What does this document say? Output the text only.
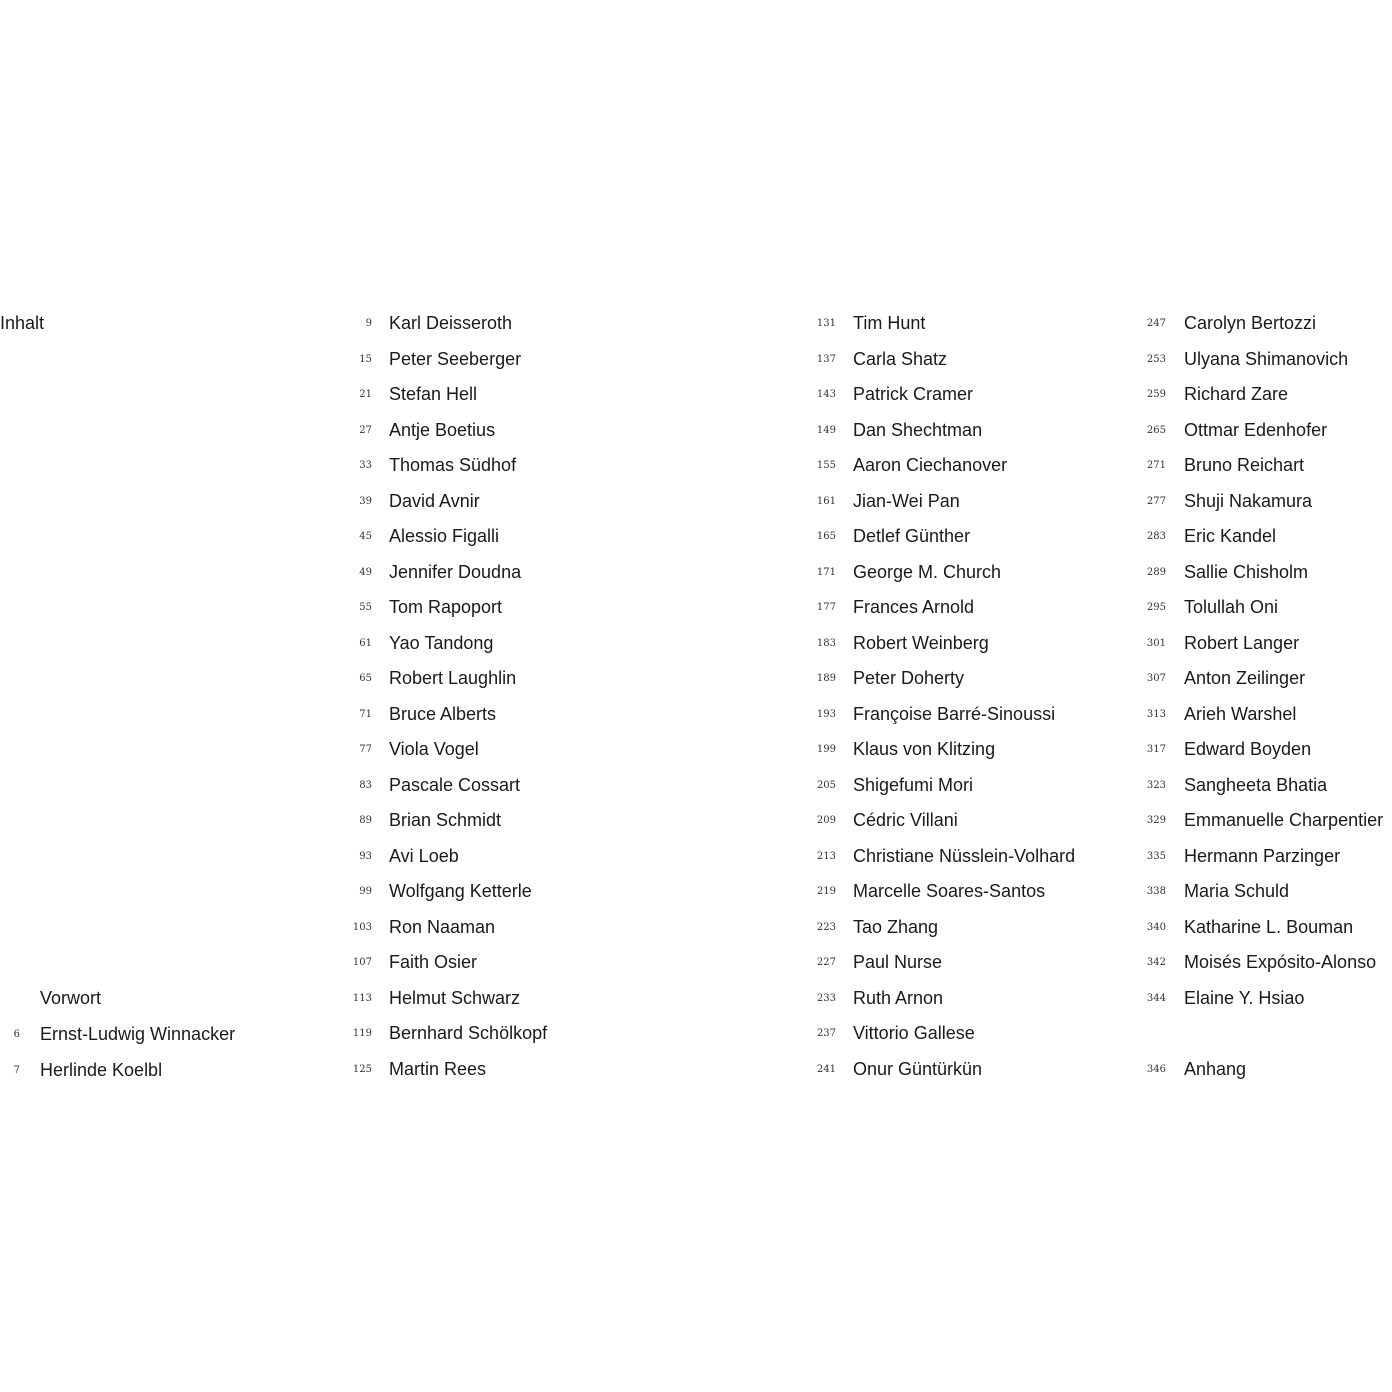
Inhalt
Vorwort
6 Ernst-Ludwig Winnacker
7 Herlinde Koelbl
9 Karl Deisseroth
15 Peter Seeberger
21 Stefan Hell
27 Antje Boetius
33 Thomas Südhof
39 David Avnir
45 Alessio Figalli
49 Jennifer Doudna
55 Tom Rapoport
61 Yao Tandong
65 Robert Laughlin
71 Bruce Alberts
77 Viola Vogel
83 Pascale Cossart
89 Brian Schmidt
93 Avi Loeb
99 Wolfgang Ketterle
103 Ron Naaman
107 Faith Osier
113 Helmut Schwarz
119 Bernhard Schölkopf
125 Martin Rees
131 Tim Hunt
137 Carla Shatz
143 Patrick Cramer
149 Dan Shechtman
155 Aaron Ciechanover
161 Jian-Wei Pan
165 Detlef Günther
171 George M. Church
177 Frances Arnold
183 Robert Weinberg
189 Peter Doherty
193 Françoise Barré-Sinoussi
199 Klaus von Klitzing
205 Shigefumi Mori
209 Cédric Villani
213 Christiane Nüsslein-Volhard
219 Marcelle Soares-Santos
223 Tao Zhang
227 Paul Nurse
233 Ruth Arnon
237 Vittorio Gallese
241 Onur Güntürkün
247 Carolyn Bertozzi
253 Ulyana Shimanovich
259 Richard Zare
265 Ottmar Edenhofer
271 Bruno Reichart
277 Shuji Nakamura
283 Eric Kandel
289 Sallie Chisholm
295 Tolullah Oni
301 Robert Langer
307 Anton Zeilinger
313 Arieh Warshel
317 Edward Boyden
323 Sangheeta Bhatia
329 Emmanuelle Charpentier
335 Hermann Parzinger
338 Maria Schuld
340 Katharine L. Bouman
342 Moisés Expósito-Alonso
344 Elaine Y. Hsiao
346 Anhang
